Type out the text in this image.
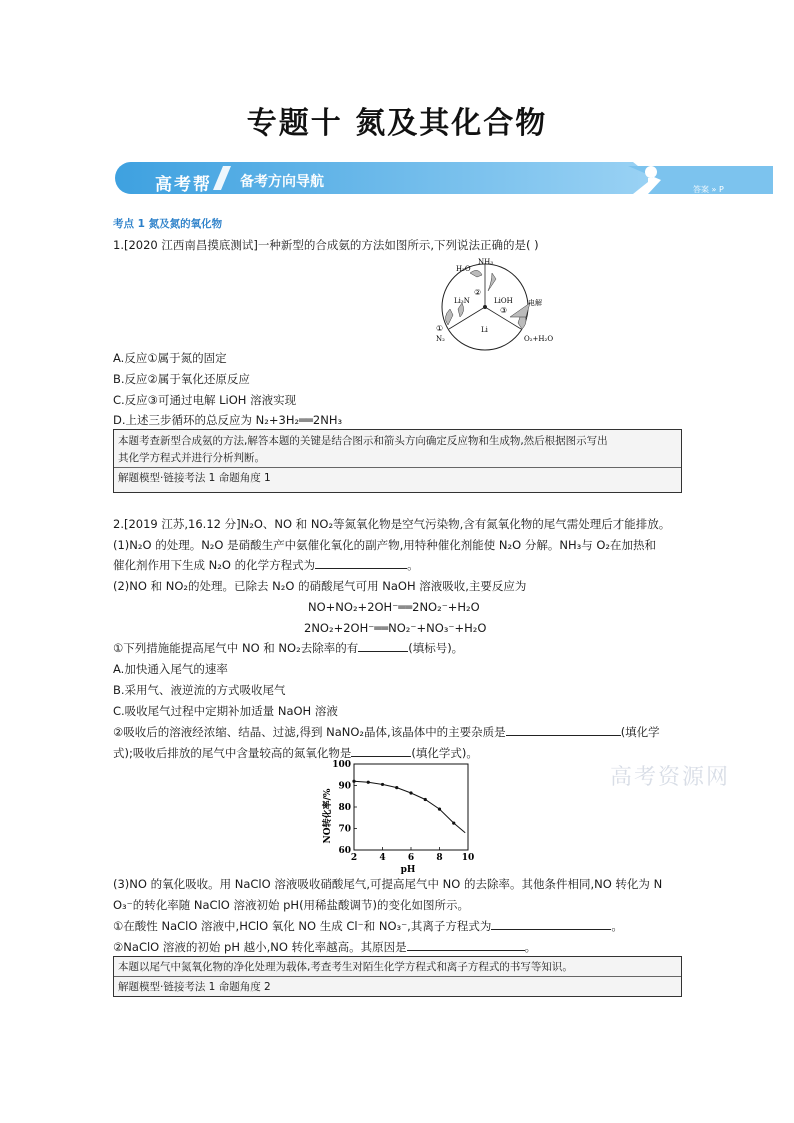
专题十 氮及其化合物
高考帮 备考方向导航	答案 » P
考点 1 氮及氮的氧化物
1.[2020 江西南昌摸底测试]一种新型的合成氨的方法如图所示,下列说法正确的是( )
NH₃
H₂O
Li₃N	LiOH
Li
电解
N₂	O₂+H₂O
①
②
③
A.反应①属于氮的固定
B.反应②属于氧化还原反应
C.反应③可通过电解 LiOH 溶液实现
D.上述三步循环的总反应为 N₂+3H₂══2NH₃
本题考查新型合成氨的方法,解答本题的关键是结合图示和箭头方向确定反应物和生成物,然后根据图示写出
其化学方程式并进行分析判断。
解题模型·链接考法 1 命题角度 1
2.[2019 江苏,16.12 分]N₂O、NO 和 NO₂等氮氧化物是空气污染物,含有氮氧化物的尾气需处理后才能排放。
(1)N₂O 的处理。N₂O 是硝酸生产中氨催化氧化的副产物,用特种催化剂能使 N₂O 分解。NH₃与 O₂在加热和
催化剂作用下生成 N₂O 的化学方程式为	。
(2)NO 和 NO₂的处理。已除去 N₂O 的硝酸尾气可用 NaOH 溶液吸收,主要反应为
NO+NO₂+2OH⁻══2NO₂⁻+H₂O
2NO₂+2OH⁻══NO₂⁻+NO₃⁻+H₂O
①下列措施能提高尾气中 NO 和 NO₂去除率的有	(填标号)。
A.加快通入尾气的速率
B.采用气、液逆流的方式吸收尾气
C.吸收尾气过程中定期补加适量 NaOH 溶液
②吸收后的溶液经浓缩、结晶、过滤,得到 NaNO₂晶体,该晶体中的主要杂质是	(填化学
式);吸收后排放的尾气中含量较高的氮氧化物是	(填化学式)。
高考资源网
2 4 6 8 10
60
70
80
90
100
NO转化率/%
pH
(3)NO 的氧化吸收。用 NaClO 溶液吸收硝酸尾气,可提高尾气中 NO 的去除率。其他条件相同,NO 转化为 N
O₃⁻的转化率随 NaClO 溶液初始 pH(用稀盐酸调节)的变化如图所示。
①在酸性 NaClO 溶液中,HClO 氧化 NO 生成 Cl⁻和 NO₃⁻,其离子方程式为	。
②NaClO 溶液的初始 pH 越小,NO 转化率越高。其原因是	。
本题以尾气中氮氧化物的净化处理为载体,考查考生对陌生化学方程式和离子方程式的书写等知识。
解题模型·链接考法 1 命题角度 2
